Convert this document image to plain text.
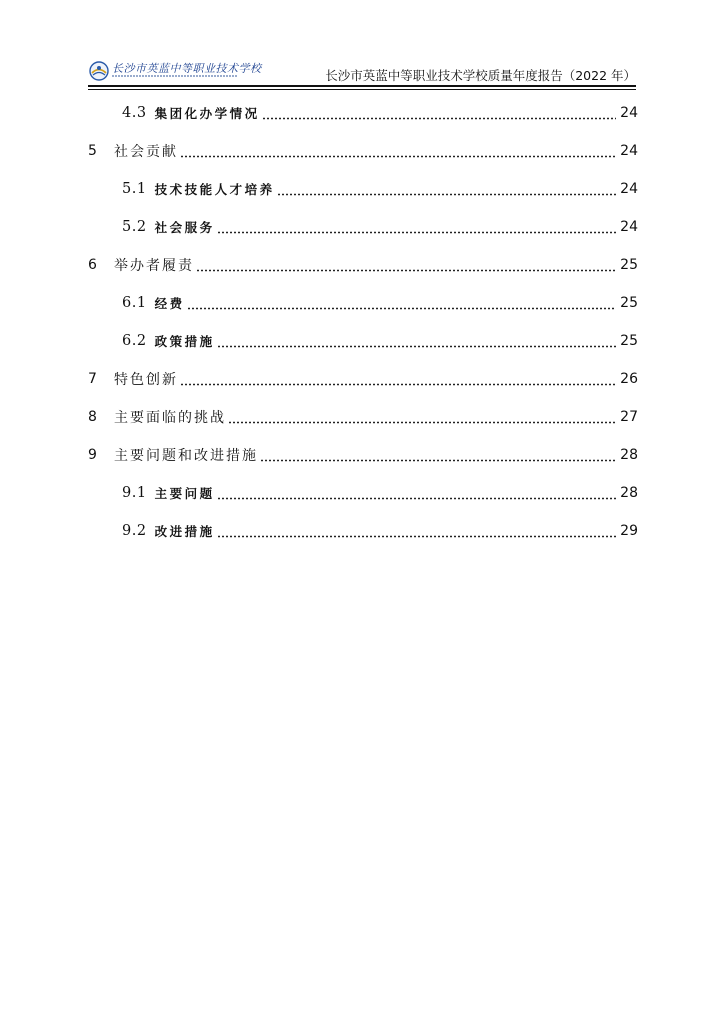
长沙市英蓝中等职业技术学校	长沙市英蓝中等职业技术学校质量年度报告（2022 年）
4.3 集团化办学情况	24
5	社会贡献	24
5.1 技术技能人才培养	24
5.2 社会服务	24
6	举办者履责	25
6.1 经费	25
6.2 政策措施	25
7	特色创新	26
8	主要面临的挑战	27
9	主要问题和改进措施	28
9.1 主要问题	28
9.2 改进措施	29
